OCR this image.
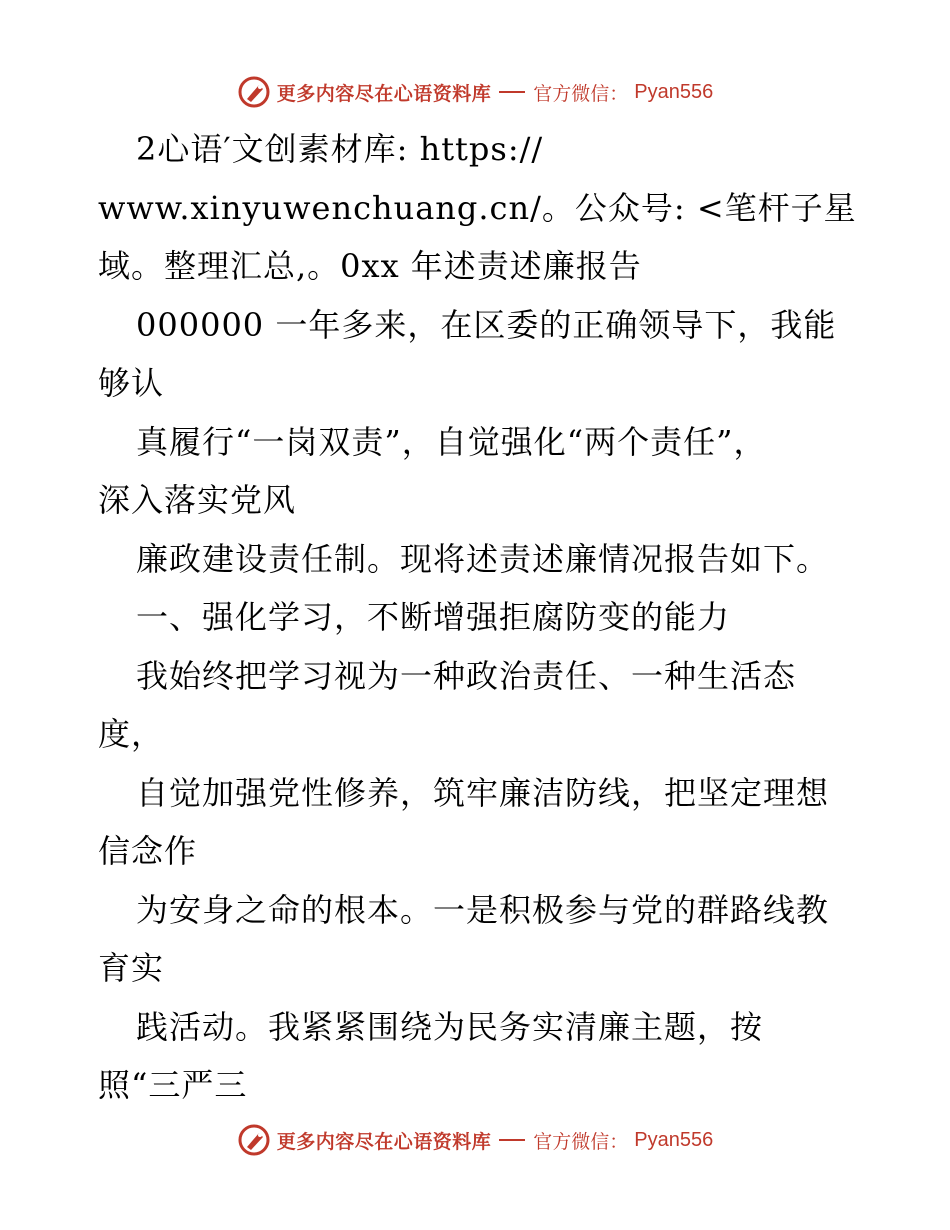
更多内容尽在心语资料库 官方微信： Pyan556
2心语′文创素材库: https://
www.xinyuwenchuang.cn/。公众号: <笔杆子星
域。整理汇总,。0xx 年述责述廉报告
000000 一年多来，在区委的正确领导下，我能
够认
真履行“一岗双责”，自觉强化“两个责任”，
深入落实党风
廉政建设责任制。现将述责述廉情况报告如下。
一、强化学习，不断增强拒腐防变的能力
我始终把学习视为一种政治责任、一种生活态
度，
自觉加强党性修养，筑牢廉洁防线，把坚定理想
信念作
为安身之命的根本。一是积极参与党的群路线教
育实
践活动。我紧紧围绕为民务实清廉主题，按
照“三严三
更多内容尽在心语资料库 官方微信： Pyan556
